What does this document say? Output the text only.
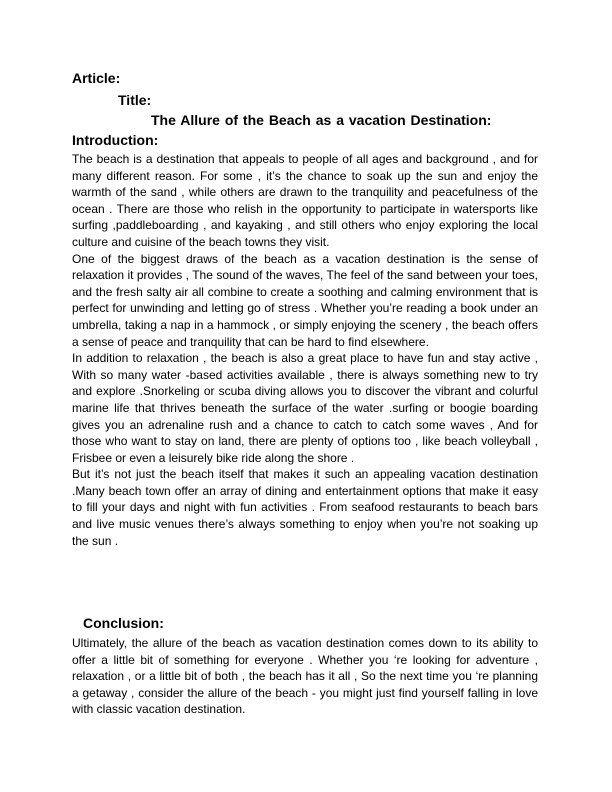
Article:
Title:
The Allure of the Beach as a vacation Destination:
Introduction:

The beach is a destination that appeals to people of all ages and background , and for many different reason. For some , it’s the chance to soak up the sun and enjoy the warmth of the sand , while others are drawn to the tranquility and peacefulness of the ocean . There are those who relish in the opportunity to participate in watersports like surfing ,paddleboarding , and kayaking , and still others who enjoy exploring the local culture and cuisine of the beach towns they visit.

One of the biggest draws of the beach as a vacation destination is the sense of relaxation it provides , The sound of the waves, The feel of the sand between your toes, and the fresh salty air all combine to create a soothing and calming environment that is perfect for unwinding and letting go of stress . Whether you’re reading a book under an umbrella, taking a nap in a hammock , or simply enjoying the scenery , the beach offers a sense of peace and tranquility that can be hard to find elsewhere.

In addition to relaxation , the beach is also a great place to have fun and stay active , With so many water -based activities available , there is always something new to try and explore .Snorkeling or scuba diving allows you to discover the vibrant and colurful marine life that thrives beneath the surface of the water .surfing or boogie boarding gives you an adrenaline rush and a chance to catch to catch some waves , And for those who want to stay on land, there are plenty of options too , like beach volleyball , Frisbee or even a leisurely bike ride along the shore .

But it’s not just the beach itself that makes it such an appealing vacation destination .Many beach town offer an array of dining and entertainment options that make it easy to fill your days and night with fun activities . From seafood restaurants to beach bars and live music venues there’s always something to enjoy when you’re not soaking up the sun .

Conclusion:

Ultimately, the allure of the beach as vacation destination comes down to its ability to offer a little bit of something for everyone . Whether you ‘re looking for adventure , relaxation , or a little bit of both , the beach has it all , So the next time you ‘re planning a getaway , consider the allure of the beach - you might just find yourself falling in love with classic vacation destination.
